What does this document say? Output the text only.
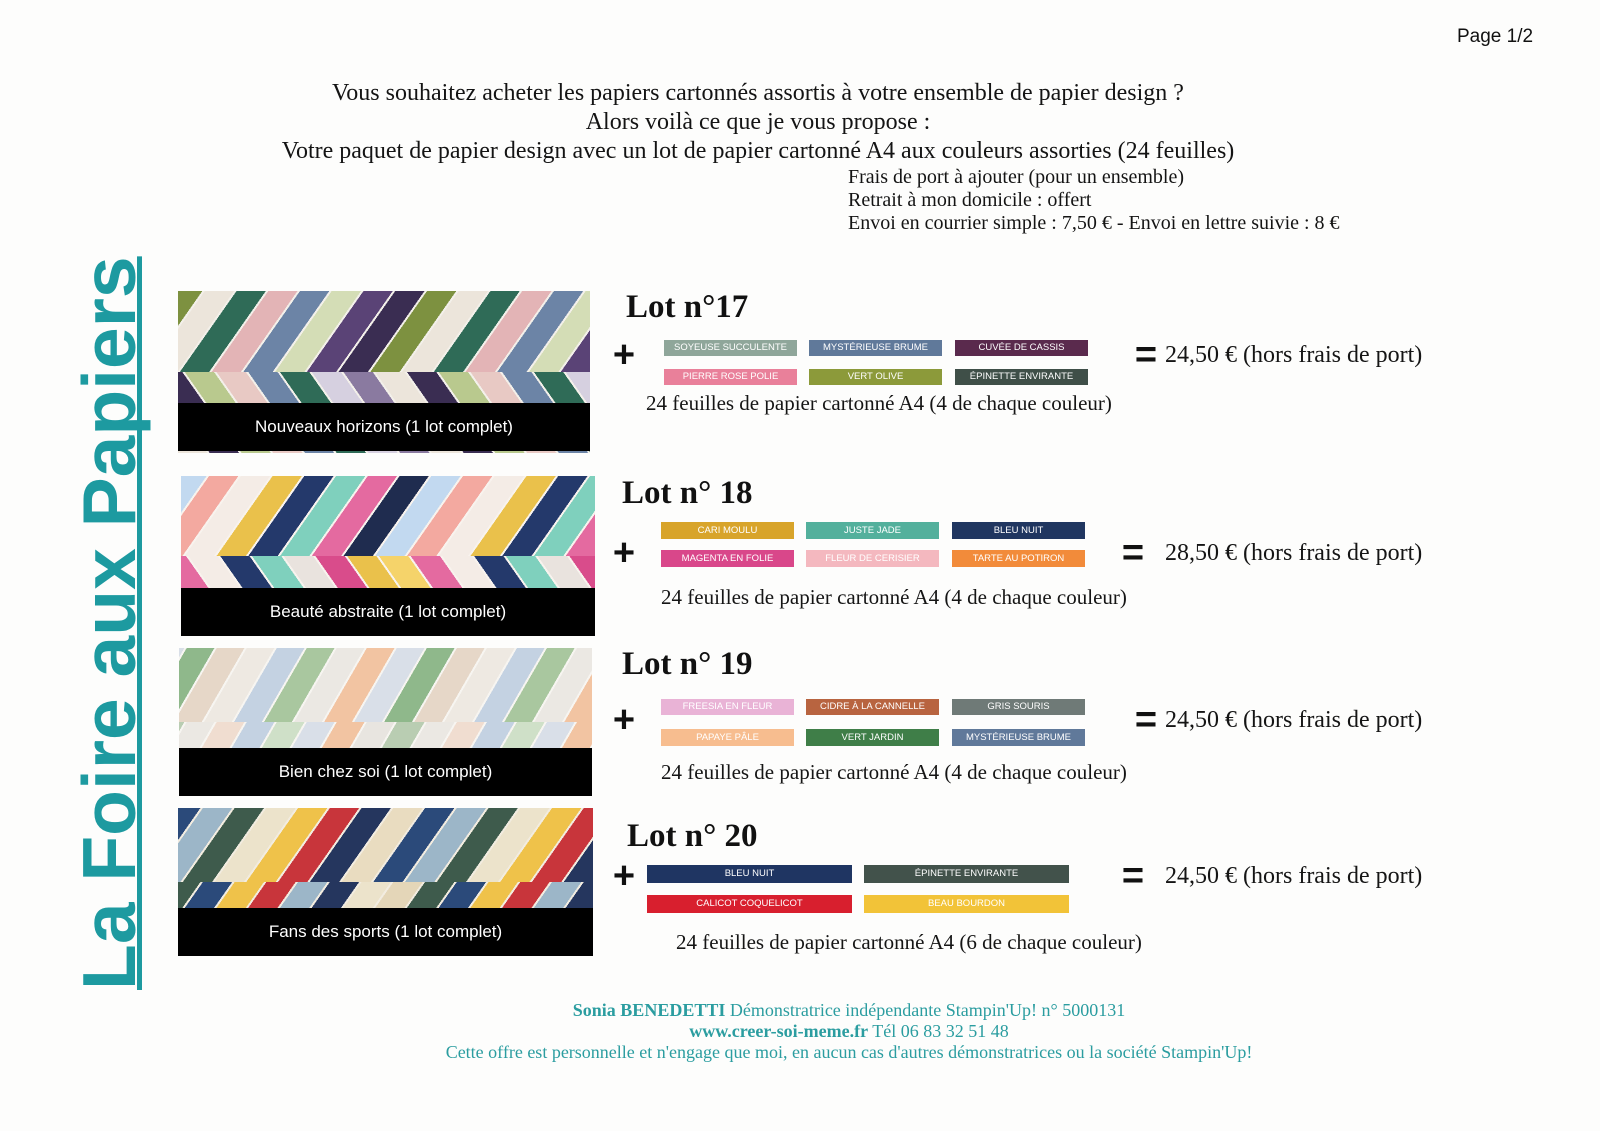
Page 1/2
La Foire aux Papiers
Vous souhaitez acheter les papiers cartonnés assortis à votre ensemble de papier design ?
Alors voilà ce que je vous propose :
Votre paquet de papier design avec un lot de papier cartonné A4 aux couleurs assorties (24 feuilles)
Frais de port à ajouter (pour un ensemble)
Retrait à mon domicile : offert
Envoi en courrier simple : 7,50 € - Envoi en lettre suivie : 8 €
Nouveaux horizons (1 lot complet)
Lot n°17
+	SOYEUSE SUCCULENTE	MYSTÉRIEUSE BRUME	CUVÉE DE CASSIS
PIERRE ROSE POLIE	VERT OLIVE	ÉPINETTE ENVIRANTE
= 24,50 € (hors frais de port)
24 feuilles de papier cartonné A4 (4 de chaque couleur)
Beauté abstraite (1 lot complet)
Lot n° 18
+
CARI MOULU	JUSTE JADE	BLEU NUIT
MAGENTA EN FOLIE	FLEUR DE CERISIER	TARTE AU POTIRON	= 28,50 € (hors frais de port)
24 feuilles de papier cartonné A4 (4 de chaque couleur)
Bien chez soi (1 lot complet)
Lot n° 19
+	FREESIA EN FLEUR	CIDRE À LA CANNELLE	GRIS SOURIS
PAPAYE PÂLE	VERT JARDIN	MYSTÉRIEUSE BRUME	= 24,50 € (hors frais de port)
24 feuilles de papier cartonné A4 (4 de chaque couleur)
Fans des sports (1 lot complet)
Lot n° 20
+	BLEU NUIT	ÉPINETTE ENVIRANTE
CALICOT COQUELICOT	BEAU BOURDON
= 24,50 € (hors frais de port)
24 feuilles de papier cartonné A4 (6 de chaque couleur)
Sonia BENEDETTI Démonstratrice indépendante Stampin'Up! n° 5000131
www.creer-soi-meme.fr Tél 06 83 32 51 48
Cette offre est personnelle et n'engage que moi, en aucun cas d'autres démonstratrices ou la société Stampin'Up!
